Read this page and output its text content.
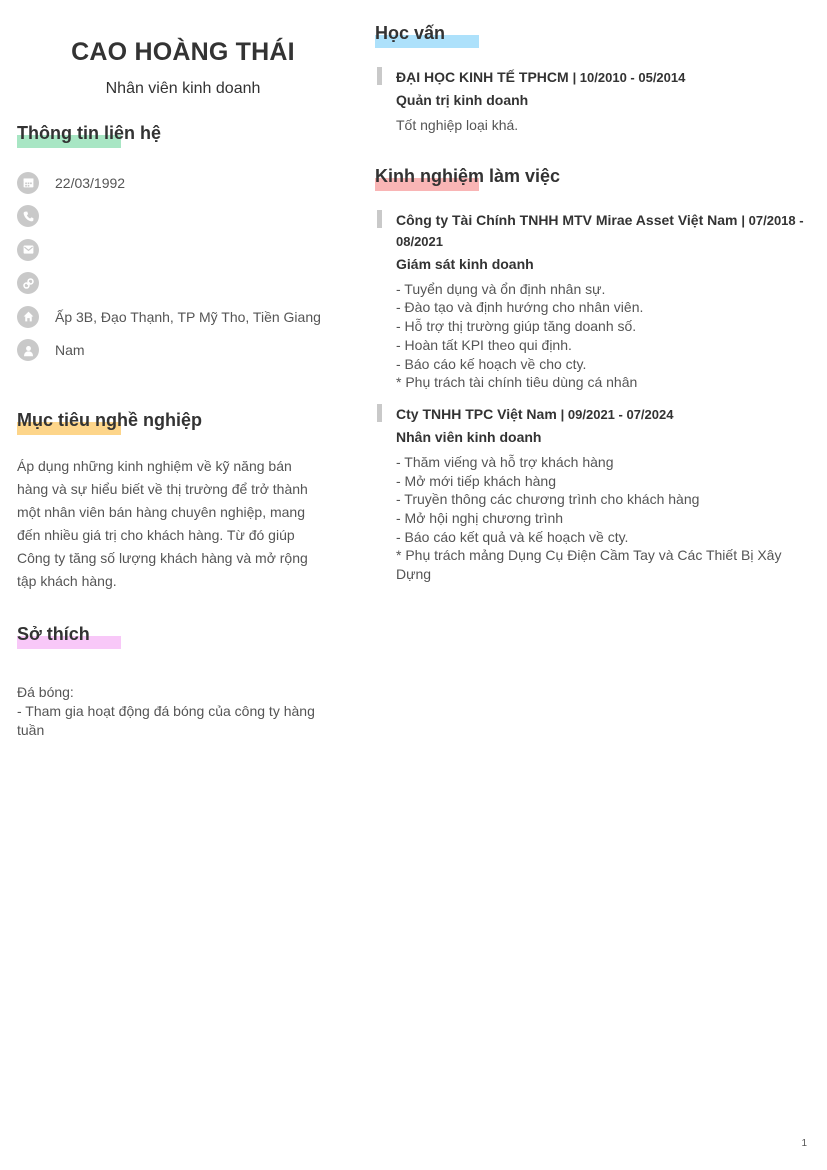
CAO HOÀNG THÁI
Nhân viên kinh doanh
Thông tin liên hệ
22/03/1992
Ấp 3B, Đạo Thạnh, TP Mỹ Tho, Tiền Giang
Nam
Mục tiêu nghề nghiệp
Áp dụng những kinh nghiệm về kỹ năng bán hàng và sự hiểu biết về thị trường để trở thành một nhân viên bán hàng chuyên nghiệp, mang đến nhiều giá trị cho khách hàng. Từ đó giúp Công ty tăng số lượng khách hàng và mở rộng tập khách hàng.
Sở thích
Đá bóng:
- Tham gia hoạt động đá bóng của công ty hàng tuần
Học vấn
ĐẠI HỌC KINH TẾ TPHCM | 10/2010 - 05/2014
Quản trị kinh doanh
Tốt nghiệp loại khá.
Kinh nghiệm làm việc
Công ty Tài Chính TNHH MTV Mirae Asset Việt Nam | 07/2018 - 08/2021
Giám sát kinh doanh
- Tuyển dụng và ổn định nhân sự.
- Đào tạo và định hướng cho nhân viên.
- Hỗ trợ thị trường giúp tăng doanh số.
- Hoàn tất KPI theo qui định.
- Báo cáo kế hoạch về cho cty.
* Phụ trách tài chính tiêu dùng cá nhân
Cty TNHH TPC Việt Nam | 09/2021 - 07/2024
Nhân viên kinh doanh
- Thăm viếng và hỗ trợ khách hàng
- Mở mới tiếp khách hàng
- Truyền thông các chương trình cho khách hàng
- Mở hội nghị chương trình
- Báo cáo kết quả và kế hoạch về cty.
* Phụ trách mảng Dụng Cụ Điện Cầm Tay và Các Thiết Bị Xây Dựng
1
